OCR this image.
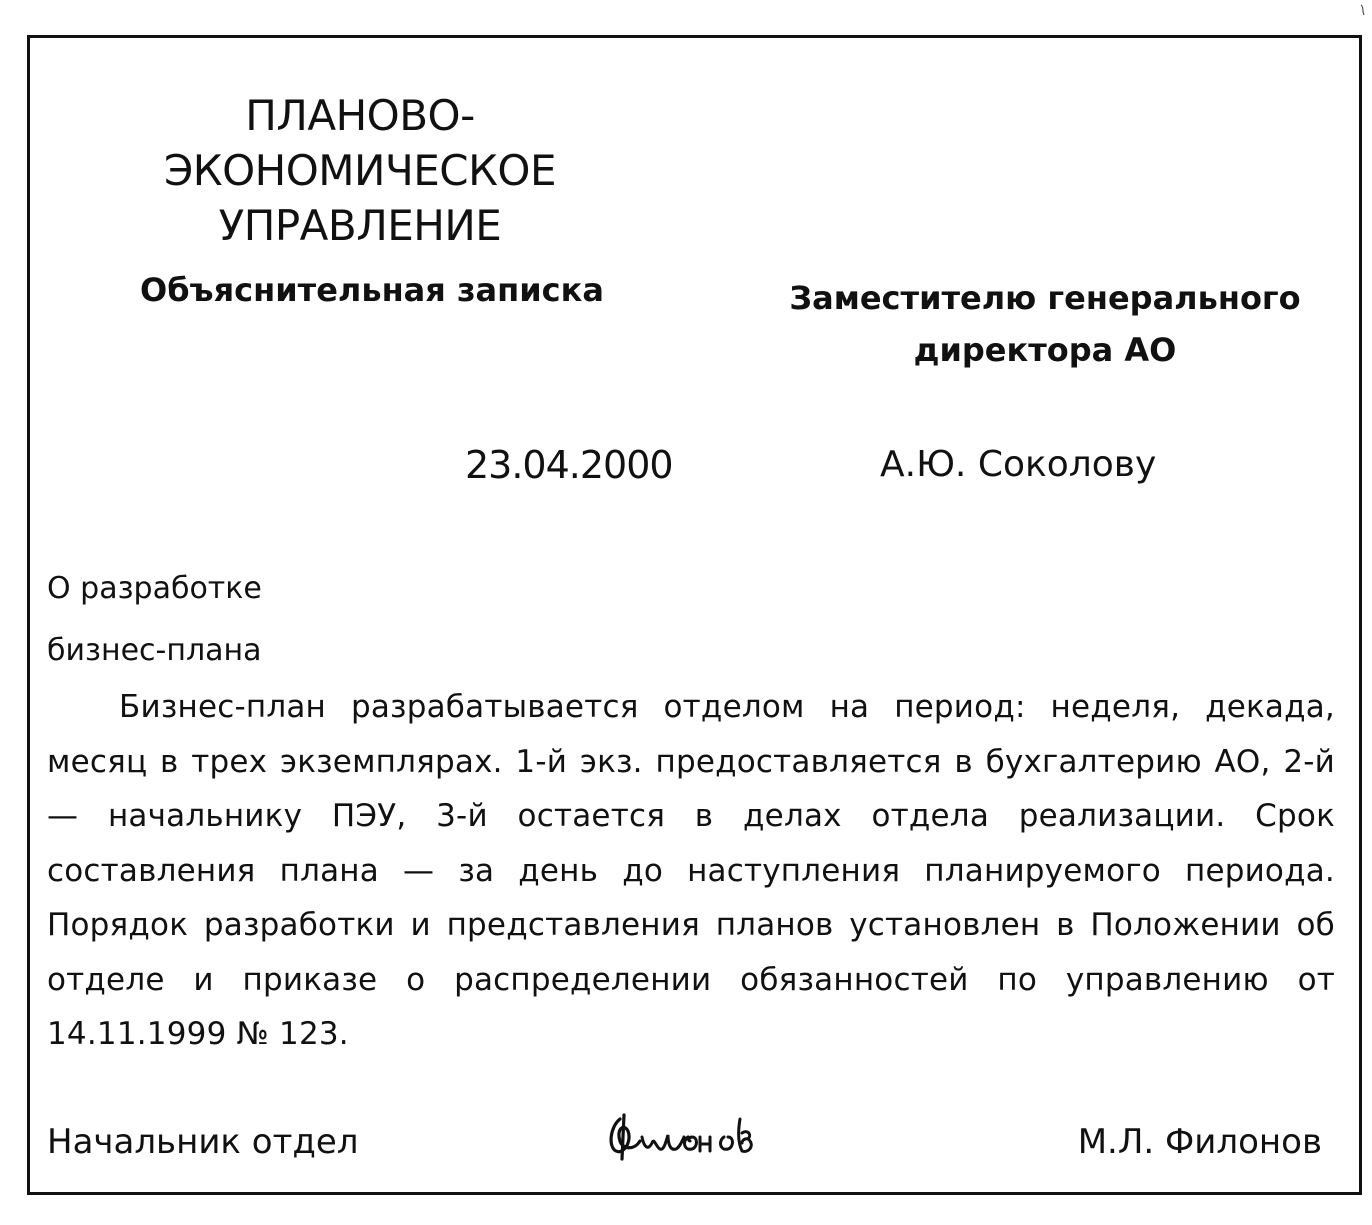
ПЛАНОВО-
ЭКОНОМИЧЕСКОЕ
УПРАВЛЕНИЕ
Объяснительная записка	Заместителю генерального
директора АО
23.04.2000	А.Ю. Соколову
О разработке
бизнес-плана

Бизнес-план разрабатывается отделом на период: неделя, декада, месяц в трех экземплярах. 1-й экз. предоставляется в бухгалтерию АО, 2-й — начальнику ПЭУ, 3-й остается в делах отдела реализации. Срок составления плана — за день до наступления планируемого периода. Порядок разработки и представления планов установлен в Положении об отделе и приказе о распределении обязанностей по управлению от 14.11.1999 № 123.

Начальник отдел	М.Л. Филонов
